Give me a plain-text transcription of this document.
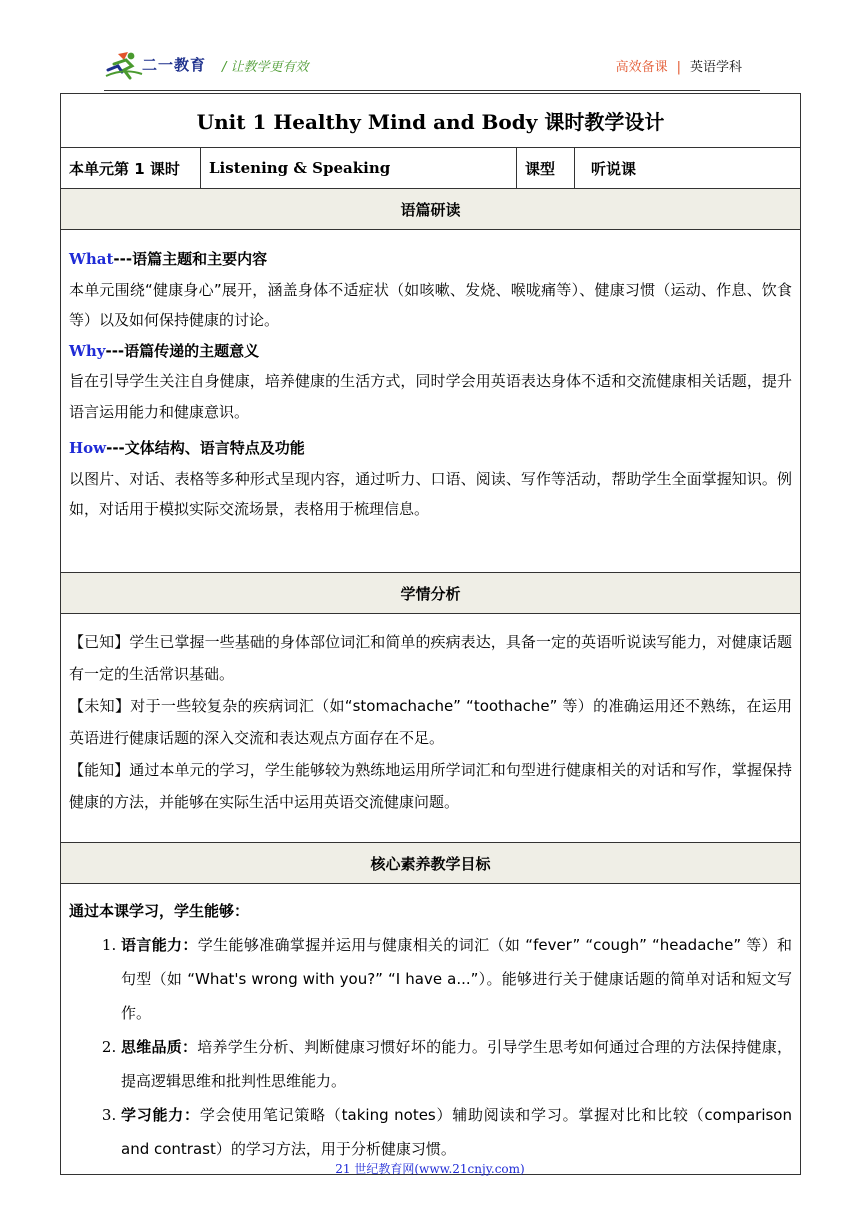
二一教育 / 让教学更有效	高效备课 | 英语学科
Unit 1 Healthy Mind and Body 课时教学设计
本单元第 1 课时	Listening & Speaking	课型	听说课
语篇研读

What---语篇主题和主要内容

本单元围绕“健康身心”展开，涵盖身体不适症状（如咳嗽、发烧、喉咙痛等）、健康习惯（运动、作息、饮食等）以及如何保持健康的讨论。

Why---语篇传递的主题意义

旨在引导学生关注自身健康，培养健康的生活方式，同时学会用英语表达身体不适和交流健康相关话题，提升语言运用能力和健康意识。

How---文体结构、语言特点及功能

以图片、对话、表格等多种形式呈现内容，通过听力、口语、阅读、写作等活动，帮助学生全面掌握知识。例如，对话用于模拟实际交流场景，表格用于梳理信息。

学情分析

【已知】学生已掌握一些基础的身体部位词汇和简单的疾病表达，具备一定的英语听说读写能力，对健康话题有一定的生活常识基础。

【未知】对于一些较复杂的疾病词汇（如“stomachache” “toothache” 等）的准确运用还不熟练，在运用英语进行健康话题的深入交流和表达观点方面存在不足。

【能知】通过本单元的学习，学生能够较为熟练地运用所学词汇和句型进行健康相关的对话和写作，掌握保持健康的方法，并能够在实际生活中运用英语交流健康问题。

核心素养教学目标

通过本课学习，学生能够：
1. 语言能力：学生能够准确掌握并运用与健康相关的词汇（如 “fever” “cough” “headache” 等）和句型（如 “What's wrong with you?” “I have a...”）。能够进行关于健康话题的简单对话和短文写作。
2. 思维品质：培养学生分析、判断健康习惯好坏的能力。引导学生思考如何通过合理的方法保持健康，提高逻辑思维和批判性思维能力。
3. 学习能力：学会使用笔记策略（taking notes）辅助阅读和学习。掌握对比和比较（comparison and contrast）的学习方法，用于分析健康习惯。
21 世纪教育网(www.21cnjy.com)
